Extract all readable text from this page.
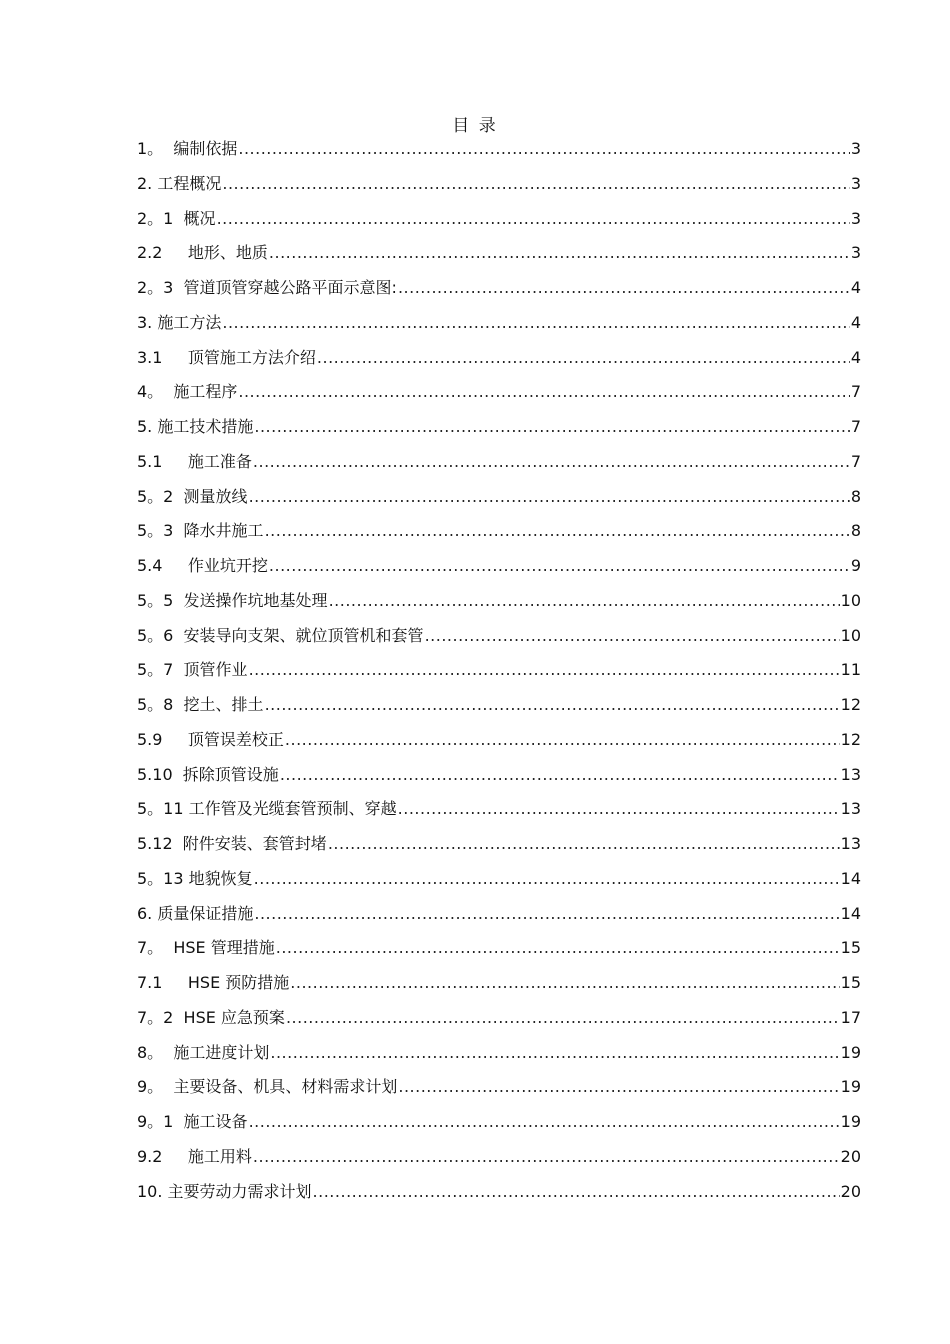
目 录
1。 编制依据 .....	3
2. 工程概况 .....	3
2。1 概况 .....	3
2.2 地形、地质 .....	3
2。3 管道顶管穿越公路平面示意图: .....	4
3. 施工方法 .....	4
3.1 顶管施工方法介绍 .....	4
4。 施工程序 .....	7
5. 施工技术措施 .....	7
5.1 施工准备 .....	7
5。2 测量放线 .....	8
5。3 降水井施工 .....	8
5.4 作业坑开挖 .....	9
5。5 发送操作坑地基处理 .....	10
5。6 安装导向支架、就位顶管机和套管 .....	10
5。7 顶管作业 .....	11
5。8 挖土、排土 .....	12
5.9 顶管误差校正 .....	12
5.10 拆除顶管设施 .....	13
5。11 工作管及光缆套管预制、穿越 .....	13
5.12 附件安装、套管封堵 .....	13
5。13 地貌恢复 .....	14
6. 质量保证措施 .....	14
7。 HSE 管理措施 .....	15
7.1 HSE 预防措施 .....	15
7。2 HSE 应急预案 .....	17
8。 施工进度计划 .....	19
9。 主要设备、机具、材料需求计划 .....	19
9。1 施工设备 .....	19
9.2 施工用料 .....	20
10. 主要劳动力需求计划 .....	20
